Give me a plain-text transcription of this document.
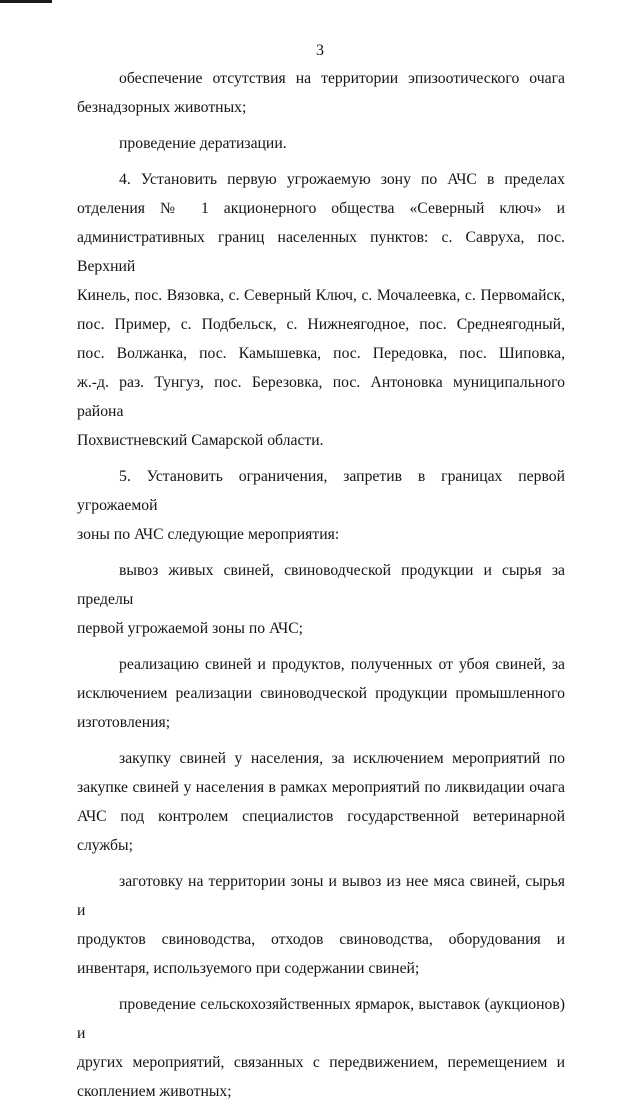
3
обеспечение отсутствия на территории эпизоотического очага
безнадзорных животных;
проведение дератизации.
4. Установить первую угрожаемую зону по АЧС в пределах
отделения № 1 акционерного общества «Северный ключ» и
административных границ населенных пунктов: с. Савруха, пос. Верхний
Кинель, пос. Вязовка, с. Северный Ключ, с. Мочалеевка, с. Первомайск,
пос. Пример, с. Подбельск, с. Нижнеягодное, пос. Среднеягодный,
пос. Волжанка, пос. Камышевка, пос. Передовка, пос. Шиповка,
ж.-д. раз. Тунгуз, пос. Березовка, пос. Антоновка муниципального района
Похвистневский Самарской области.
5. Установить ограничения, запретив в границах первой угрожаемой
зоны по АЧС следующие мероприятия:
вывоз живых свиней, свиноводческой продукции и сырья за пределы
первой угрожаемой зоны по АЧС;
реализацию свиней и продуктов, полученных от убоя свиней, за
исключением реализации свиноводческой продукции промышленного
изготовления;
закупку свиней у населения, за исключением мероприятий по
закупке свиней у населения в рамках мероприятий по ликвидации очага
АЧС под контролем специалистов государственной ветеринарной службы;
заготовку на территории зоны и вывоз из нее мяса свиней, сырья и
продуктов свиноводства, отходов свиноводства, оборудования и
инвентаря, используемого при содержании свиней;
проведение сельскохозяйственных ярмарок, выставок (аукционов) и
других мероприятий, связанных с передвижением, перемещением и
скоплением животных;
